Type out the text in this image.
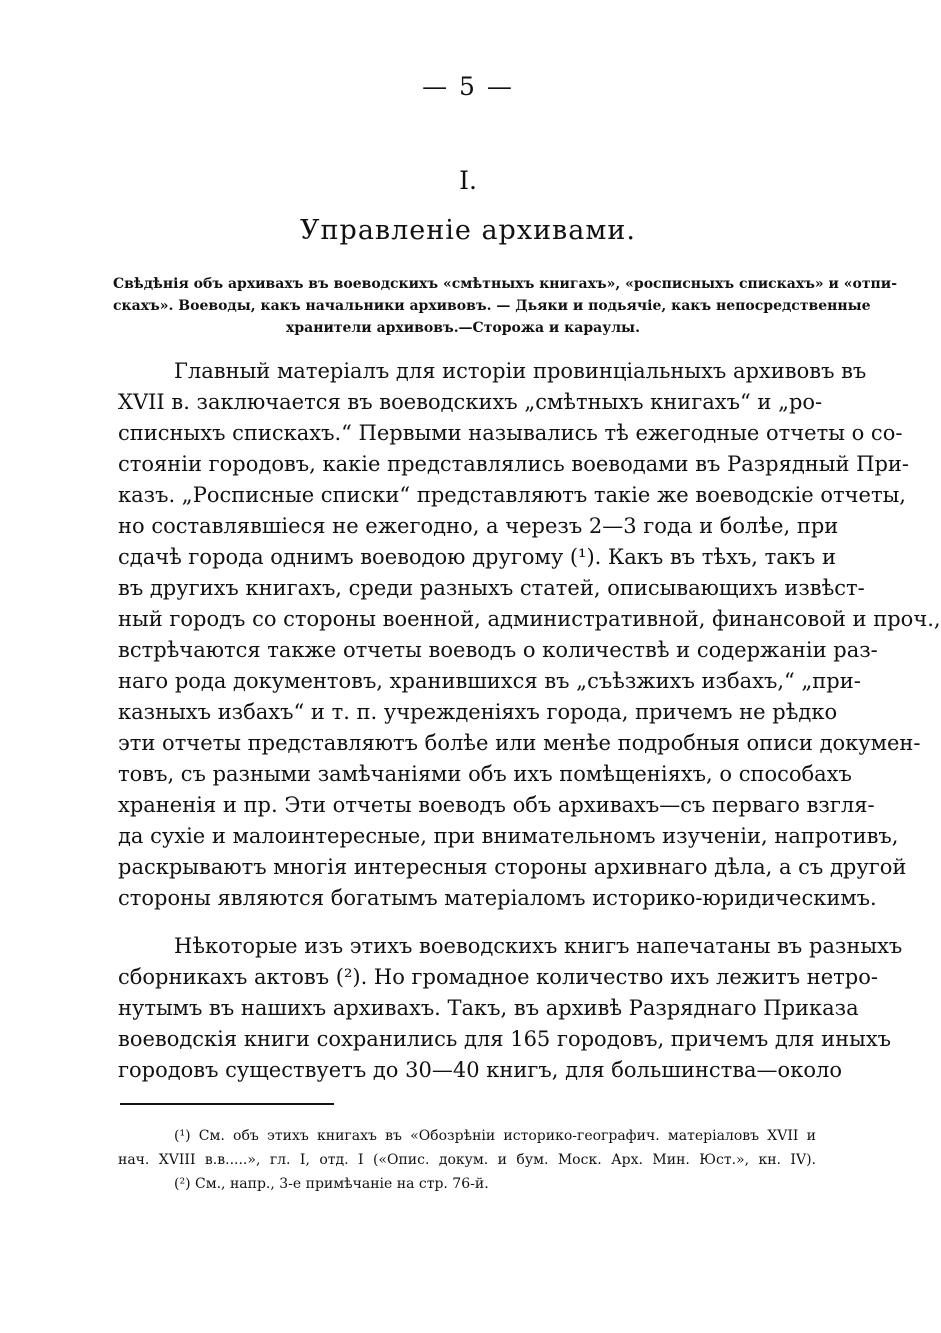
— 5 —
I.
Управленіе архивами.
Свѣдѣнія объ архивахъ въ воеводскихъ «смѣтныхъ книгахъ», «росписныхъ спискахъ» и «отпи-
скахъ». Воеводы, какъ начальники архивовъ. — Дьяки и подьячіе, какъ непосредственные
хранители архивовъ.—Сторожа и караулы.
Главный матеріалъ для исторіи провинціальныхъ архивовъ въ
XVII в. заключается въ воеводскихъ „смѣтныхъ книгахъ“ и „ро-
списныхъ спискахъ.“ Первыми назывались тѣ ежегодные отчеты о со-
стояніи городовъ, какіе представлялись воеводами въ Разрядный При-
казъ. „Росписные списки“ представляютъ такіе же воеводскіе отчеты,
но составлявшіеся не ежегодно, а черезъ 2—3 года и болѣе, при
сдачѣ города однимъ воеводою другому (¹). Какъ въ тѣхъ, такъ и
въ другихъ книгахъ, среди разныхъ статей, описывающихъ извѣст-
ный городъ со стороны военной, административной, финансовой и проч.,
встрѣчаются также отчеты воеводъ о количествѣ и содержаніи раз-
наго рода документовъ, хранившихся въ „съѣзжихъ избахъ,“ „при-
казныхъ избахъ“ и т. п. учрежденіяхъ города, причемъ не рѣдко
эти отчеты представляютъ болѣе или менѣе подробныя описи докумен-
товъ, съ разными замѣчаніями объ ихъ помѣщеніяхъ, о способахъ
храненія и пр. Эти отчеты воеводъ объ архивахъ—съ перваго взгля-
да сухіе и малоинтересные, при внимательномъ изученіи, напротивъ,
раскрываютъ многія интересныя стороны архивнаго дѣла, а съ другой
стороны являются богатымъ матеріаломъ историко-юридическимъ.
Нѣкоторые изъ этихъ воеводскихъ книгъ напечатаны въ разныхъ
сборникахъ актовъ (²). Но громадное количество ихъ лежитъ нетро-
нутымъ въ нашихъ архивахъ. Такъ, въ архивѣ Разряднаго Приказа
воеводскія книги сохранились для 165 городовъ, причемъ для иныхъ
городовъ существуетъ до 30—40 книгъ, для большинства—около
(¹) См. объ этихъ книгахъ въ «Обозрѣніи историко-географич. матеріаловъ XVII и
нач. XVIII в.в.....», гл. I, отд. I («Опис. докум. и бум. Моск. Арх. Мин. Юст.», кн. IV).
(²) См., напр., 3-е примѣчаніе на стр. 76-й.
